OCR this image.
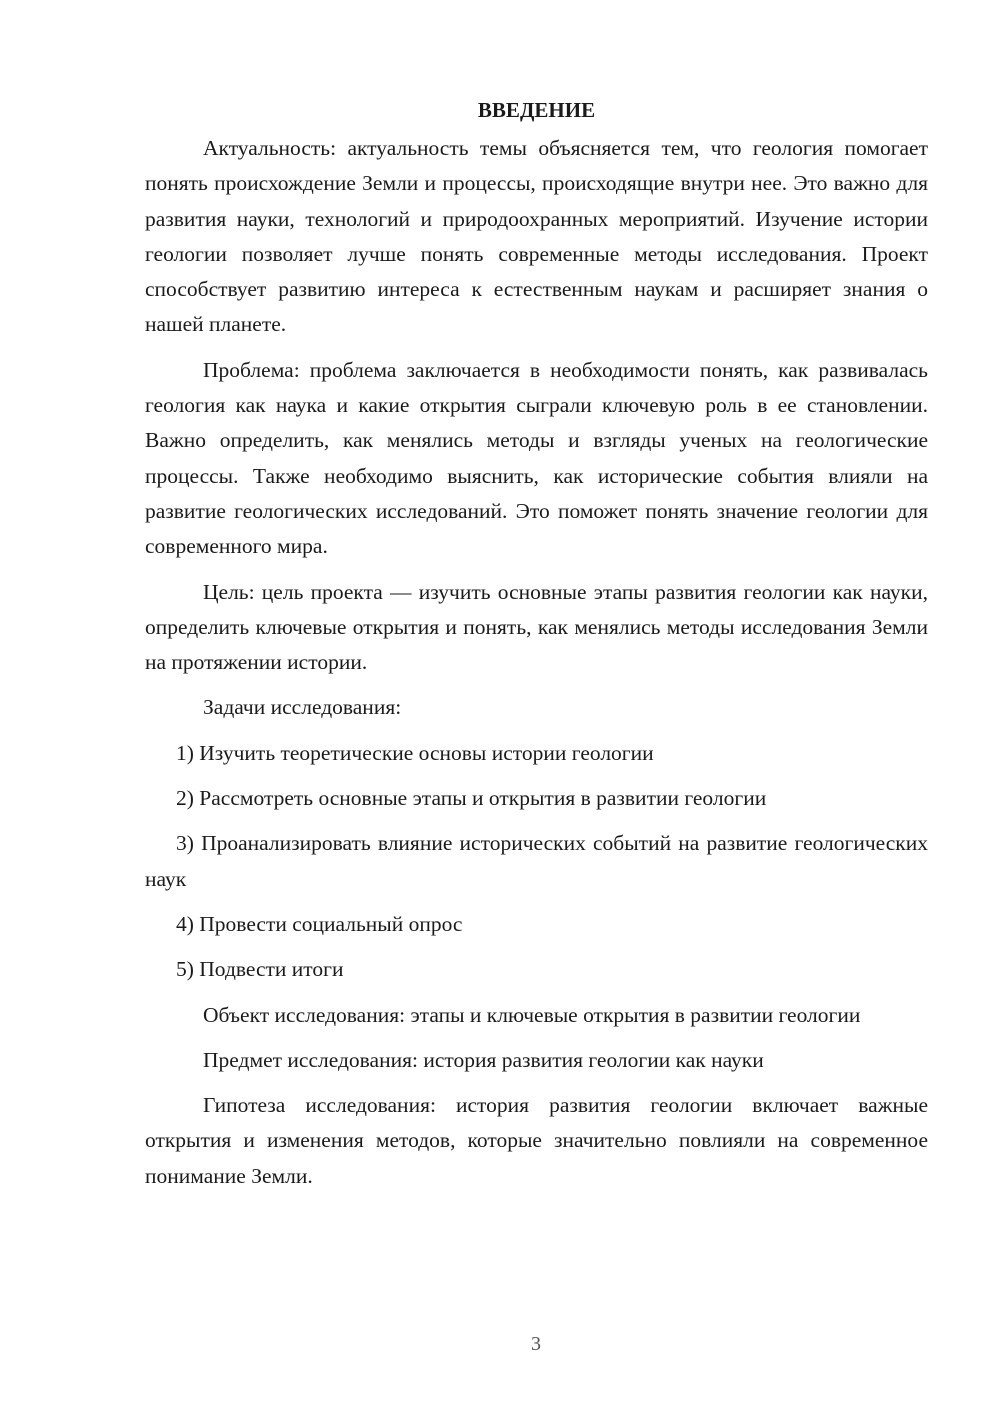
ВВЕДЕНИЕ

Актуальность: актуальность темы объясняется тем, что геология помогает понять происхождение Земли и процессы, происходящие внутри нее. Это важно для развития науки, технологий и природоохранных мероприятий. Изучение истории геологии позволяет лучше понять современные методы исследования. Проект способствует развитию интереса к естественным наукам и расширяет знания о нашей планете.

Проблема: проблема заключается в необходимости понять, как развивалась геология как наука и какие открытия сыграли ключевую роль в ее становлении. Важно определить, как менялись методы и взгляды ученых на геологические процессы. Также необходимо выяснить, как исторические события влияли на развитие геологических исследований. Это поможет понять значение геологии для современного мира.

Цель: цель проекта — изучить основные этапы развития геологии как науки, определить ключевые открытия и понять, как менялись методы исследования Земли на протяжении истории.

Задачи исследования:

1) Изучить теоретические основы истории геологии

2) Рассмотреть основные этапы и открытия в развитии геологии

3) Проанализировать влияние исторических событий на развитие геологических наук

4) Провести социальный опрос

5) Подвести итоги

Объект исследования: этапы и ключевые открытия в развитии геологии

Предмет исследования: история развития геологии как науки

Гипотеза исследования: история развития геологии включает важные открытия и изменения методов, которые значительно повлияли на современное понимание Земли.

3
